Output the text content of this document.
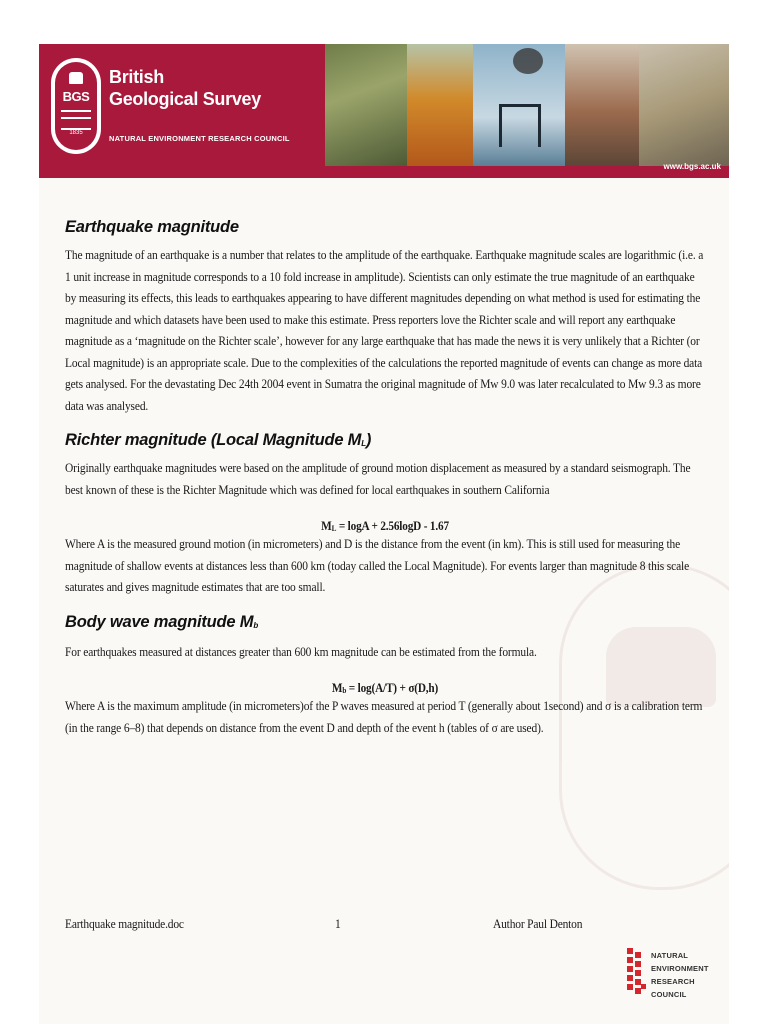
BGS
1835
British
Geological Survey
NATURAL ENVIRONMENT RESEARCH COUNCIL
www.bgs.ac.uk
Earthquake magnitude

The magnitude of an earthquake is a number that relates to the amplitude of the earthquake. Earthquake magnitude scales are logarithmic (i.e. a 1 unit increase in magnitude corresponds to a 10 fold increase in amplitude). Scientists can only estimate the true magnitude of an earthquake by measuring its effects, this leads to earthquakes appearing to have different magnitudes depending on what method is used for estimating the magnitude and which datasets have been used to make this estimate. Press reporters love the Richter scale and will report any earthquake magnitude as a ‘magnitude on the Richter scale’, however for any large earthquake that has made the news it is very unlikely that a Richter (or Local magnitude) is an appropriate scale. Due to the complexities of the calculations the reported magnitude of events can change as more data gets analysed. For the devastating Dec 24th 2004 event in Sumatra the original magnitude of Mw 9.0 was later recalculated to Mw 9.3 as more data was analysed.

Richter magnitude (Local Magnitude ML)

Originally earthquake magnitudes were based on the amplitude of ground motion displacement as measured by a standard seismograph. The best known of these is the Richter Magnitude which was defined for local earthquakes in southern California

ML = logA + 2.56logD - 1.67

Where A is the measured ground motion (in micrometers) and D is the distance from the event (in km). This is still used for measuring the magnitude of shallow events at distances less than 600 km (today called the Local Magnitude). For events larger than magnitude 8 this scale saturates and gives magnitude estimates that are too small.

Body wave magnitude Mb

For earthquakes measured at distances greater than 600 km magnitude can be estimated from the formula.

Mb = log(A/T) + σ(D,h)

Where A is the maximum amplitude (in micrometers)of the P waves measured at period T (generally about 1second) and σ is a calibration term (in the range 6–8) that depends on distance from the event D and depth of the event h (tables of σ are used).

Earthquake magnitude.doc	1	Author Paul Denton
NATURAL
ENVIRONMENT
RESEARCH COUNCIL
